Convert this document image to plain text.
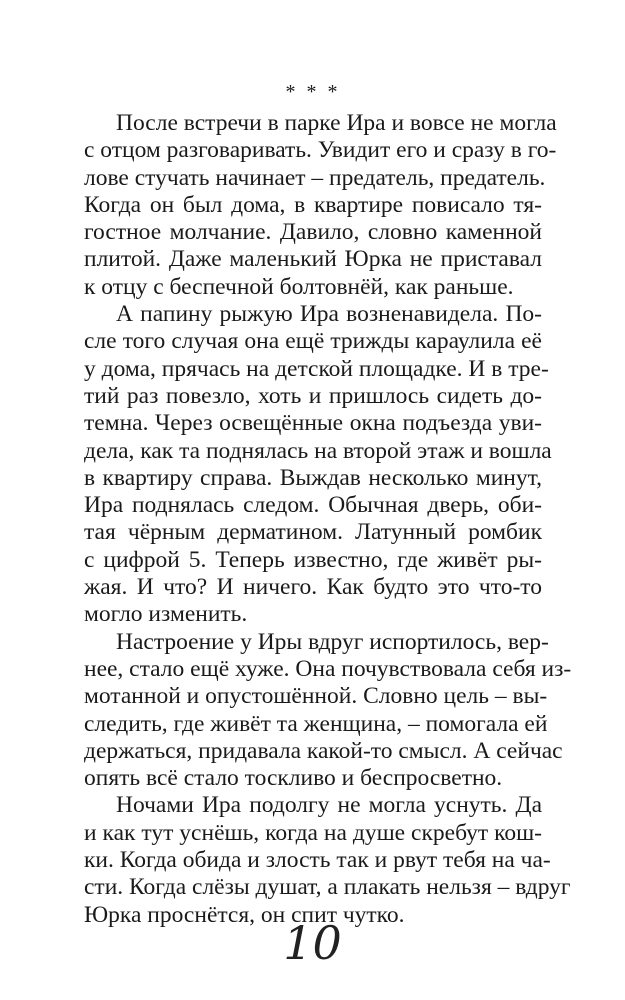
* * *

После встречи в парке Ира и вовсе не могла
с отцом разговаривать. Увидит его и сразу в го-
лове стучать начинает – предатель, предатель.
Когда он был дома, в квартире повисало тя-
гостное молчание. Давило, словно каменной
плитой. Даже маленький Юрка не приставал
к отцу с беспечной болтовнёй, как раньше.

А папину рыжую Ира возненавидела. По-
сле того случая она ещё трижды караулила её
у дома, прячась на детской площадке. И в тре-
тий раз повезло, хоть и пришлось сидеть до-
темна. Через освещённые окна подъезда уви-
дела, как та поднялась на второй этаж и вошла
в квартиру справа. Выждав несколько минут,
Ира поднялась следом. Обычная дверь, оби-
тая чёрным дерматином. Латунный ромбик
с цифрой 5. Теперь известно, где живёт ры-
жая. И что? И ничего. Как будто это что-то
могло изменить.

Настроение у Иры вдруг испортилось, вер-
нее, стало ещё хуже. Она почувствовала себя из-
мотанной и опустошённой. Словно цель – вы-
следить, где живёт та женщина, – помогала ей
держаться, придавала какой-то смысл. А сейчас
опять всё стало тоскливо и беспросветно.

Ночами Ира подолгу не могла уснуть. Да
и как тут уснёшь, когда на душе скребут кош-
ки. Когда обида и злость так и рвут тебя на ча-
сти. Когда слёзы душат, а плакать нельзя – вдруг
Юрка проснётся, он спит чутко.

10
